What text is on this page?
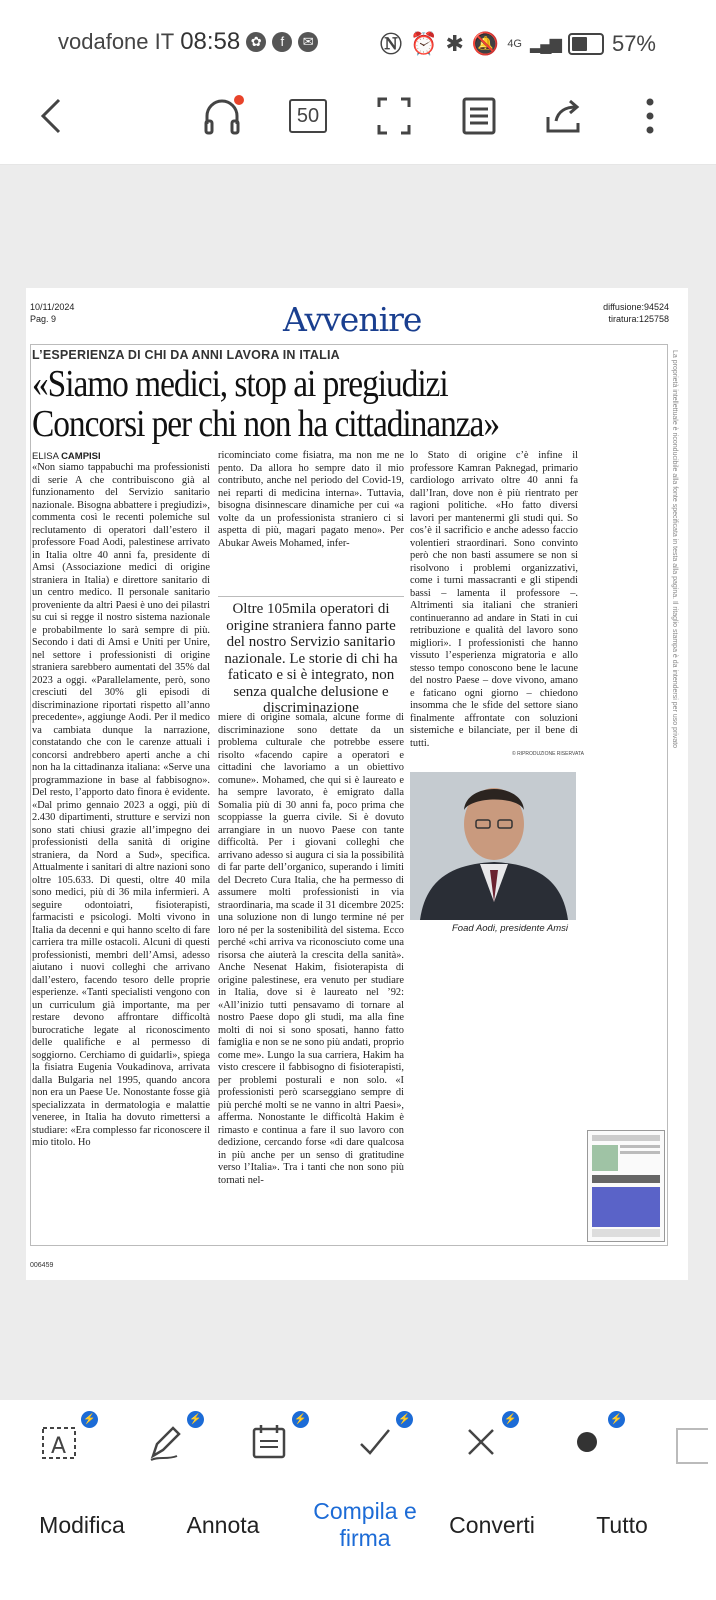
vodafone IT 08:58 ✿	f	✉	Ⓝ ⏰ ✱ 🔕 4G ▂▄▆ 57%
50
10/11/2024
Pag. 9	Avvenire	diffusione:94524
tiratura:125758
L’ESPERIENZA DI CHI DA ANNI LAVORA IN ITALIA
«Siamo medici, stop ai pregiudizi Concorsi per chi non ha cittadinanza»
ELISA CAMPISI

«Non siamo tappabuchi ma professionisti di serie A che contribuiscono già al funzionamento del Servizio sanitario nazionale. Bisogna abbattere i pregiudizi», commenta così le recenti polemiche sul reclutamento di operatori dall’estero il professore Foad Aodi, palestinese arrivato in Italia oltre 40 anni fa, presidente di Amsi (Associazione medici di origine straniera in Italia) e direttore sanitario di un centro medico. Il personale sanitario proveniente da altri Paesi è uno dei pilastri su cui si regge il nostro sistema nazionale e probabilmente lo sarà sempre di più. Secondo i dati di Amsi e Uniti per Unire, nel settore i professionisti di origine straniera sarebbero aumentati del 35% dal 2023 a oggi. «Parallelamente, però, sono cresciuti del 30% gli episodi di discriminazione riportati rispetto all’anno precedente», aggiunge Aodi. Per il medico va cambiata dunque la narrazione, constatando che con le carenze attuali i concorsi andrebbero aperti anche a chi non ha la cittadinanza italiana: «Serve una programmazione in base al fabbisogno». Del resto, l’apporto dato finora è evidente. «Dal primo gennaio 2023 a oggi, più di 2.430 dipartimenti, strutture e servizi non sono stati chiusi grazie all’impegno dei professionisti della sanità di origine straniera, da Nord a Sud», specifica. Attualmente i sanitari di altre nazioni sono oltre 105.633. Di questi, oltre 40 mila sono medici, più di 36 mila infermieri. A seguire odontoiatri, fisioterapisti, farmacisti e psicologi. Molti vivono in Italia da decenni e qui hanno scelto di fare carriera tra mille ostacoli. Alcuni di questi professionisti, membri dell’Amsi, adesso aiutano i nuovi colleghi che arrivano dall’estero, facendo tesoro delle proprie esperienze. «Tanti specialisti vengono con un curriculum già importante, ma per restare devono affrontare difficoltà burocratiche legate al riconoscimento delle qualifiche e al permesso di soggiorno. Cerchiamo di guidarli», spiega la fisiatra Eugenia Voukadinova, arrivata dalla Bulgaria nel 1995, quando ancora non era un Paese Ue. Nonostante fosse già specializzata in dermatologia e malattie veneree, in Italia ha dovuto rimettersi a studiare: «Era complesso far riconoscere il mio titolo. Ho

ricominciato come fisiatra, ma non me ne pento. Da allora ho sempre dato il mio contributo, anche nel periodo del Covid-19, nei reparti di medicina interna». Tuttavia, bisogna disinnescare dinamiche per cui «a volte da un professionista straniero ci si aspetta di più, magari pagato meno». Per Abukar Aweis Mohamed, infer-

Oltre 105mila operatori di origine straniera fanno parte del nostro Servizio sanitario nazionale. Le storie di chi ha faticato e si è integrato, non senza qualche delusione e discriminazione

miere di origine somala, alcune forme di discriminazione sono dettate da un problema culturale che potrebbe essere risolto «facendo capire a operatori e cittadini che lavoriamo a un obiettivo comune». Mohamed, che qui si è laureato e ha sempre lavorato, è emigrato dalla Somalia più di 30 anni fa, poco prima che scoppiasse la guerra civile. Si è dovuto arrangiare in un nuovo Paese con tante difficoltà. Per i giovani colleghi che arrivano adesso si augura ci sia la possibilità di far parte dell’organico, superando i limiti del Decreto Cura Italia, che ha permesso di assumere molti professionisti in via straordinaria, ma scade il 31 dicembre 2025: una soluzione non di lungo termine né per loro né per la sostenibilità del sistema. Ecco perché «chi arriva va riconosciuto come una risorsa che aiuterà la crescita della sanità». Anche Nesenat Hakim, fisioterapista di origine palestinese, era venuto per studiare in Italia, dove si è laureato nel ’92: «All’inizio tutti pensavamo di tornare al nostro Paese dopo gli studi, ma alla fine molti di noi si sono sposati, hanno fatto famiglia e non se ne sono più andati, proprio come me». Lungo la sua carriera, Hakim ha visto crescere il fabbisogno di fisioterapisti, per problemi posturali e non solo. «I professionisti però scarseggiano sempre di più perché molti se ne vanno in altri Paesi», afferma. Nonostante le difficoltà Hakim è rimasto e continua a fare il suo lavoro con dedizione, cercando forse «di dare qualcosa in più anche per un senso di gratitudine verso l’Italia». Tra i tanti che non sono più tornati nel-

lo Stato di origine c’è infine il professore Kamran Paknegad, primario cardiologo arrivato oltre 40 anni fa dall’Iran, dove non è più rientrato per ragioni politiche. «Ho fatto diversi lavori per mantenermi gli studi qui. So cos’è il sacrificio e anche adesso faccio volentieri straordinari. Sono convinto però che non basti assumere se non si risolvono i problemi organizzativi, come i turni massacranti e gli stipendi bassi – lamenta il professore –. Altrimenti sia italiani che stranieri continueranno ad andare in Stati in cui retribuzione e qualità del lavoro sono migliori». I professionisti che hanno vissuto l’esperienza migratoria e allo stesso tempo conoscono bene le lacune del nostro Paese – dove vivono, amano e faticano ogni giorno – chiedono insomma che le sfide del settore siano finalmente affrontate con soluzioni sistemiche e bilanciate, per il bene di tutti.

© RIPRODUZIONE RISERVATA
Foad Aodi, presidente Amsi
La proprietà intellettuale è riconducibile alla fonte specificata in testa alla pagina. Il ritaglio stampa è da intendersi per uso privato
006459
A
⚡	⚡	⚡	⚡	⚡	⚡
Modifica	Annota
Compila e firma	Converti	Tutto
